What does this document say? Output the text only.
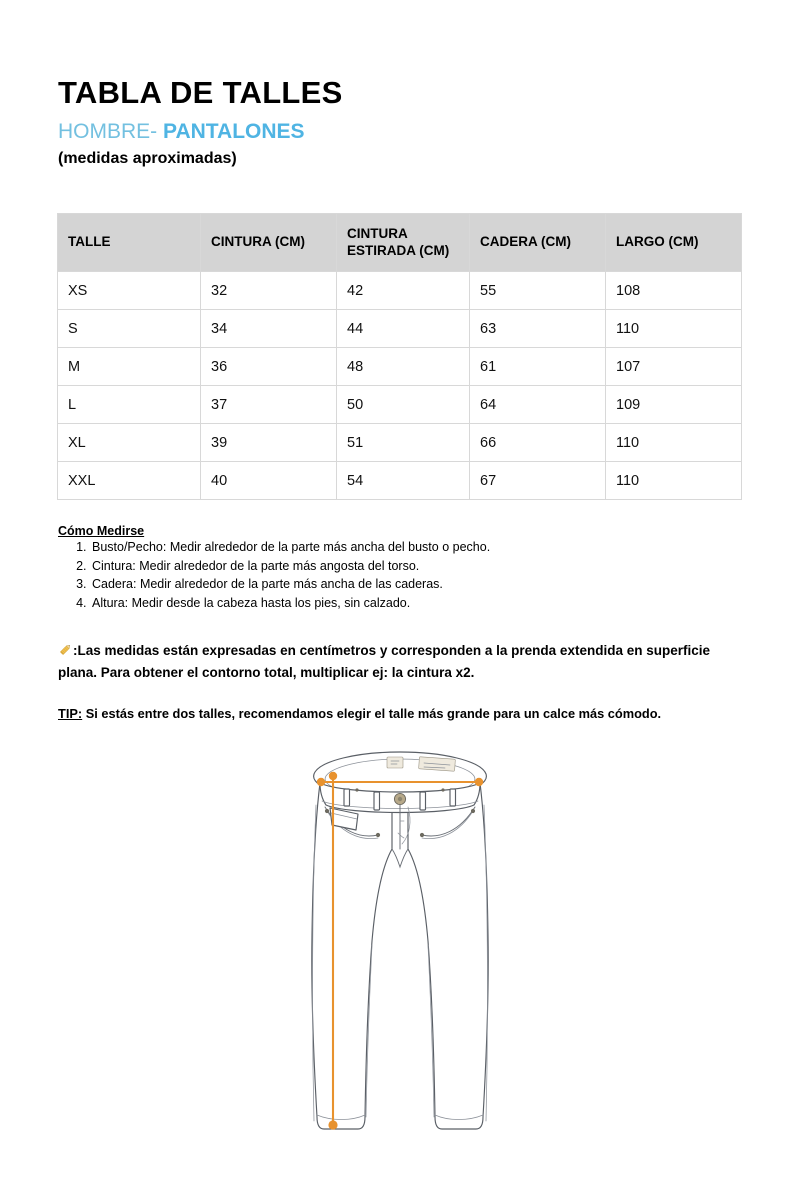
TABLA DE TALLES
HOMBRE- PANTALONES
(medidas aproximadas)
TALLE	CINTURA (CM)	CINTURA ESTIRADA (CM)	CADERA (CM)	LARGO (CM)
XS	32	42	55	108
S	34	44	63	110
M	36	48	61	107
L	37	50	64	109
XL	39	51	66	110
XXL	40	54	67	110
Cómo Medirse
1. Busto/Pecho: Medir alrededor de la parte más ancha del busto o pecho.
2. Cintura: Medir alrededor de la parte más angosta del torso.
3. Cadera: Medir alrededor de la parte más ancha de las caderas.
4. Altura: Medir desde la cabeza hasta los pies, sin calzado.
:Las medidas están expresadas en centímetros y corresponden a la prenda extendida en superficie plana. Para obtener el contorno total, multiplicar ej: la cintura x2.
TIP: Si estás entre dos talles, recomendamos elegir el talle más grande para un calce más cómodo.
